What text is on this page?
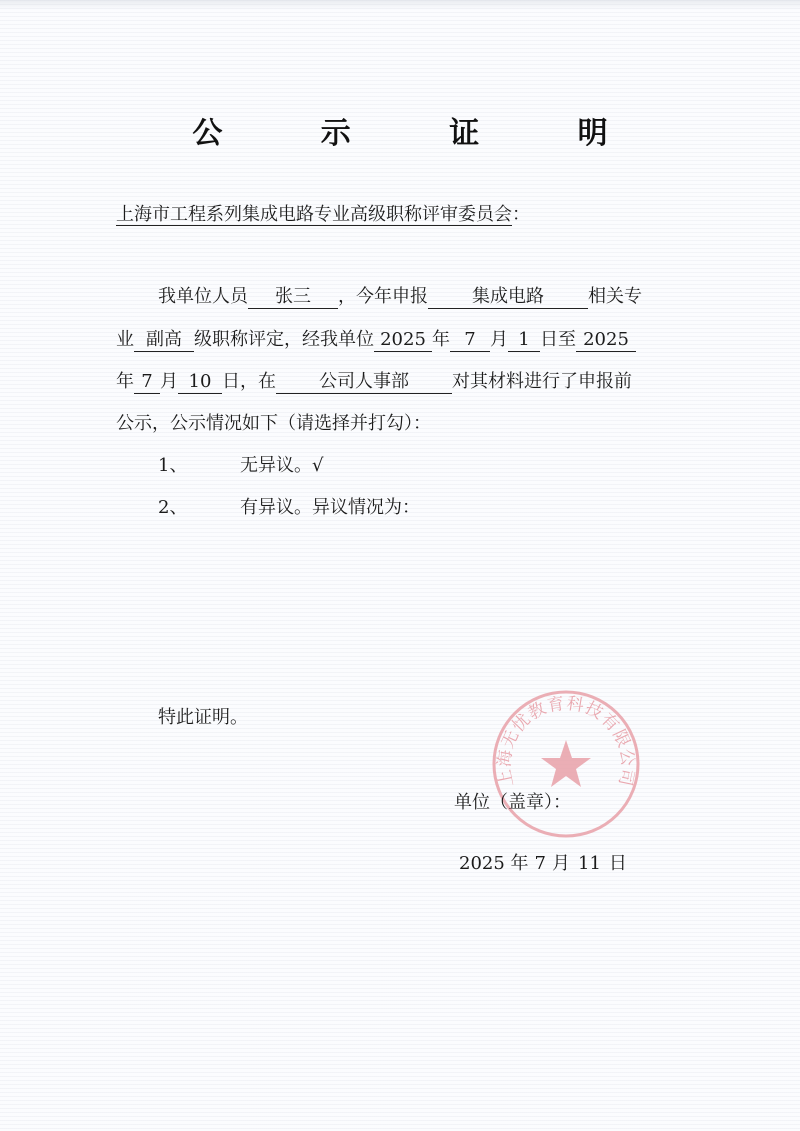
公 示 证 明
上海市工程系列集成电路专业高级职称评审委员会：
我单位人员 张三 ，今年申报 集成电路 相关专
业 副高 级职称评定，经我单位 2025 年 7 月 1 日至 2025
年 7 月 10 日，在 公司人事部 对其材料进行了申报前
公示，公示情况如下（请选择并打勾）：
1、	无异议。√
2、	有异议。异议情况为：
特此证明。
上海无忧教育科技有限公司
单位（盖章）：
2025 年 7 月 11 日
